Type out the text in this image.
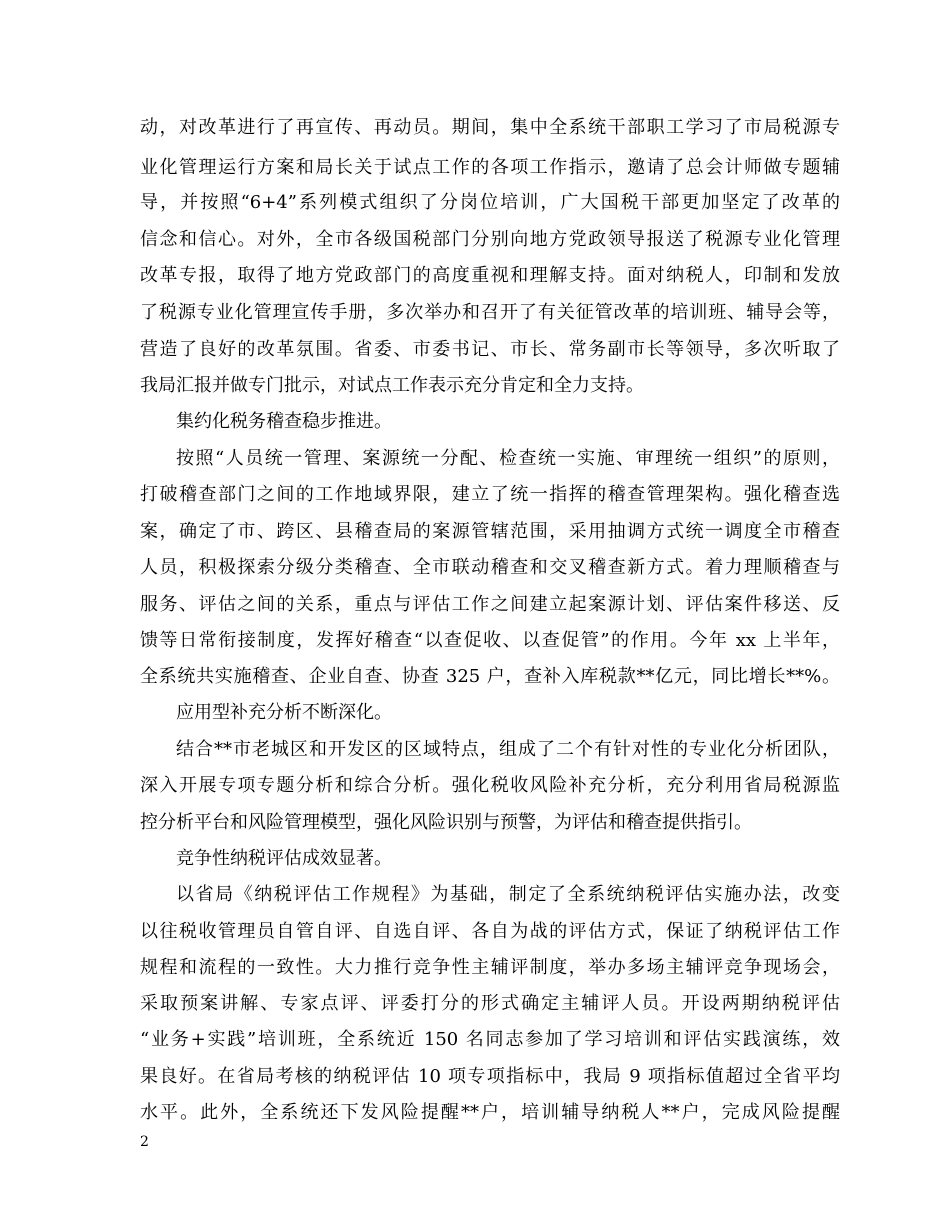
动，对改革进行了再宣传、再动员。期间，集中全系统干部职工学习了市局税源专
业化管理运行方案和局长关于试点工作的各项工作指示，邀请了总会计师做专题辅
导，并按照“6+4”系列模式组织了分岗位培训，广大国税干部更加坚定了改革的
信念和信心。对外，全市各级国税部门分别向地方党政领导报送了税源专业化管理
改革专报，取得了地方党政部门的高度重视和理解支持。面对纳税人，印制和发放
了税源专业化管理宣传手册，多次举办和召开了有关征管改革的培训班、辅导会等，
营造了良好的改革氛围。省委、市委书记、市长、常务副市长等领导，多次听取了
我局汇报并做专门批示，对试点工作表示充分肯定和全力支持。
集约化税务稽查稳步推进。
按照“人员统一管理、案源统一分配、检查统一实施、审理统一组织”的原则，
打破稽查部门之间的工作地域界限，建立了统一指挥的稽查管理架构。强化稽查选
案，确定了市、跨区、县稽查局的案源管辖范围，采用抽调方式统一调度全市稽查
人员，积极探索分级分类稽查、全市联动稽查和交叉稽查新方式。着力理顺稽查与
服务、评估之间的关系，重点与评估工作之间建立起案源计划、评估案件移送、反
馈等日常衔接制度，发挥好稽查“以查促收、以查促管”的作用。今年 xx 上半年，
全系统共实施稽查、企业自查、协查 325 户，查补入库税款**亿元，同比增长**%。
应用型补充分析不断深化。
结合**市老城区和开发区的区域特点，组成了二个有针对性的专业化分析团队，
深入开展专项专题分析和综合分析。强化税收风险补充分析，充分利用省局税源监
控分析平台和风险管理模型，强化风险识别与预警，为评估和稽查提供指引。
竞争性纳税评估成效显著。
以省局《纳税评估工作规程》为基础，制定了全系统纳税评估实施办法，改变
以往税收管理员自管自评、自选自评、各自为战的评估方式，保证了纳税评估工作
规程和流程的一致性。大力推行竞争性主辅评制度，举办多场主辅评竞争现场会，
采取预案讲解、专家点评、评委打分的形式确定主辅评人员。开设两期纳税评估
“业务+实践”培训班，全系统近 150 名同志参加了学习培训和评估实践演练，效
果良好。在省局考核的纳税评估 10 项专项指标中，我局 9 项指标值超过全省平均
水平。此外，全系统还下发风险提醒**户，培训辅导纳税人**户，完成风险提醒
2
